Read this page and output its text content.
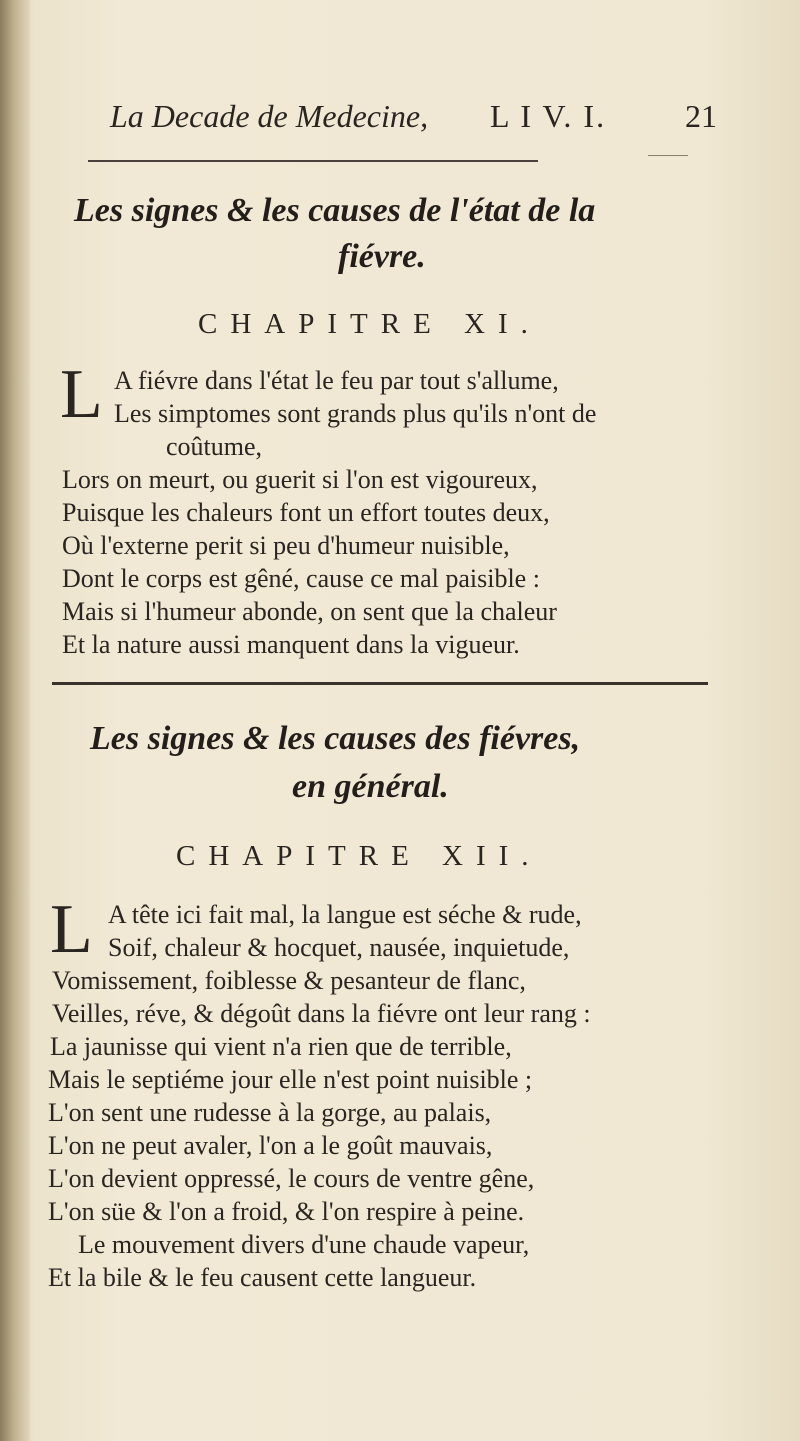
La Decade de Medecine, L I V. I. 21
Les signes & les causes de l'état de la
fiévre.
CHAPITRE XI.
L A fiévre dans l'état le feu par tout s'allume,
Les simptomes sont grands plus qu'ils n'ont de
coûtume,
Lors on meurt, ou guerit si l'on est vigoureux,
Puisque les chaleurs font un effort toutes deux,
Où l'externe perit si peu d'humeur nuisible,
Dont le corps est gêné, cause ce mal paisible :
Mais si l'humeur abonde, on sent que la chaleur
Et la nature aussi manquent dans la vigueur.
Les signes & les causes des fiévres,
en général.
CHAPITRE XII.
L A tête ici fait mal, la langue est séche & rude,
Soif, chaleur & hocquet, nausée, inquietude,
Vomissement, foiblesse & pesanteur de flanc,
Veilles, réve, & dégoût dans la fiévre ont leur rang :
La jaunisse qui vient n'a rien que de terrible,
Mais le septiéme jour elle n'est point nuisible ;
L'on sent une rudesse à la gorge, au palais,
L'on ne peut avaler, l'on a le goût mauvais,
L'on devient oppressé, le cours de ventre gêne,
L'on süe & l'on a froid, & l'on respire à peine.
Le mouvement divers d'une chaude vapeur,
Et la bile & le feu causent cette langueur.
